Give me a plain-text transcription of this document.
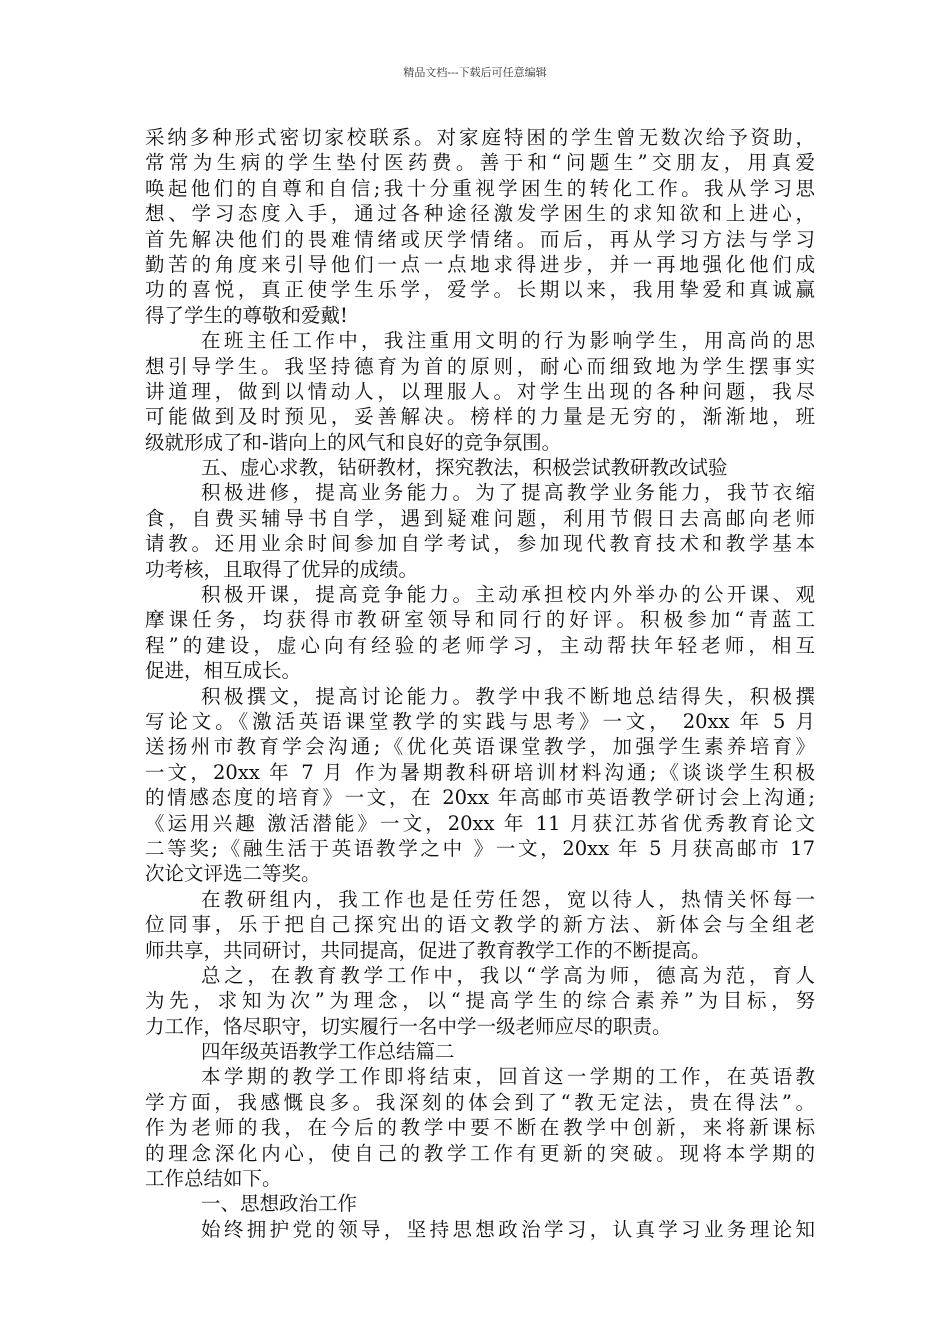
精品文档---下载后可任意编辑
采纳多种形式密切家校联系。对家庭特困的学生曾无数次给予资助，
常常为生病的学生垫付医药费。善于和“问题生”交朋友，用真爱
唤起他们的自尊和自信;我十分重视学困生的转化工作。我从学习思
想、学习态度入手，通过各种途径激发学困生的求知欲和上进心，
首先解决他们的畏难情绪或厌学情绪。而后，再从学习方法与学习
勤苦的角度来引导他们一点一点地求得进步，并一再地强化他们成
功的喜悦，真正使学生乐学，爱学。长期以来，我用挚爱和真诚赢
得了学生的尊敬和爱戴!
在班主任工作中，我注重用文明的行为影响学生，用高尚的思
想引导学生。我坚持德育为首的原则，耐心而细致地为学生摆事实
讲道理，做到以情动人，以理服人。对学生出现的各种问题，我尽
可能做到及时预见，妥善解决。榜样的力量是无穷的，渐渐地，班
级就形成了和-谐向上的风气和良好的竞争氛围。
五、虚心求教，钻研教材，探究教法，积极尝试教研教改试验
积极进修，提高业务能力。为了提高教学业务能力，我节衣缩
食，自费买辅导书自学，遇到疑难问题，利用节假日去高邮向老师
请教。还用业余时间参加自学考试，参加现代教育技术和教学基本
功考核，且取得了优异的成绩。
积极开课，提高竞争能力。主动承担校内外举办的公开课、观
摩课任务，均获得市教研室领导和同行的好评。积极参加“青蓝工
程”的建设，虚心向有经验的老师学习，主动帮扶年轻老师，相互
促进，相互成长。
积极撰文，提高讨论能力。教学中我不断地总结得失，积极撰
写论文。《激活英语课堂教学的实践与思考》一文， 20xx 年 5 月
送扬州市教育学会沟通;《优化英语课堂教学，加强学生素养培育》
一文，20xx 年 7 月 作为暑期教科研培训材料沟通;《谈谈学生积极
的情感态度的培育》一文，在 20xx 年高邮市英语教学研讨会上沟通;
《运用兴趣 激活潜能》一文，20xx 年 11 月获江苏省优秀教育论文
二等奖;《融生活于英语教学之中 》一文，20xx 年 5 月获高邮市 17
次论文评选二等奖。
在教研组内，我工作也是任劳任怨，宽以待人，热情关怀每一
位同事，乐于把自己探究出的语文教学的新方法、新体会与全组老
师共享，共同研讨，共同提高，促进了教育教学工作的不断提高。
总之，在教育教学工作中，我以“学高为师，德高为范，育人
为先，求知为次”为理念，以“提高学生的综合素养”为目标，努
力工作，恪尽职守，切实履行一名中学一级老师应尽的职责。
四年级英语教学工作总结篇二
本学期的教学工作即将结束，回首这一学期的工作，在英语教
学方面，我感慨良多。我深刻的体会到了“教无定法，贵在得法”。
作为老师的我，在今后的教学中要不断在教学中创新，来将新课标
的理念深化内心，使自己的教学工作有更新的突破。现将本学期的
工作总结如下。
一、思想政治工作
始终拥护党的领导，坚持思想政治学习，认真学习业务理论知
